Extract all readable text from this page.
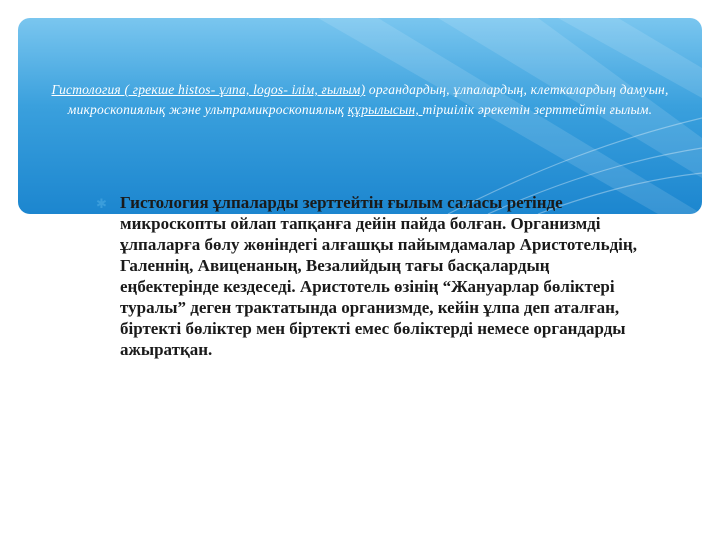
Гистология ( грекше histos- ұлпа, logos- ілім, ғылым) органдардың, ұлпалардың, клеткалардың дамуын, микроскопиялық және ультрамикроскопиялық құрылысын, тіршілік әрекетін зерттейтін ғылым.
✱ Гистология ұлпаларды зерттейтін ғылым саласы ретінде микроскопты ойлап тапқанға дейін пайда болған. Организмді ұлпаларға бөлу жөніндегі алғашқы пайымдамалар Аристотельдің, Галеннің, Авиценаның, Везалийдың тағы басқалардың еңбектерінде кездеседі. Аристотель өзінің “Жануарлар бөліктері туралы” деген трактатында организмде, кейін ұлпа деп аталған, біртекті бөліктер мен біртекті емес бөліктерді немесе органдарды ажыратқан.
